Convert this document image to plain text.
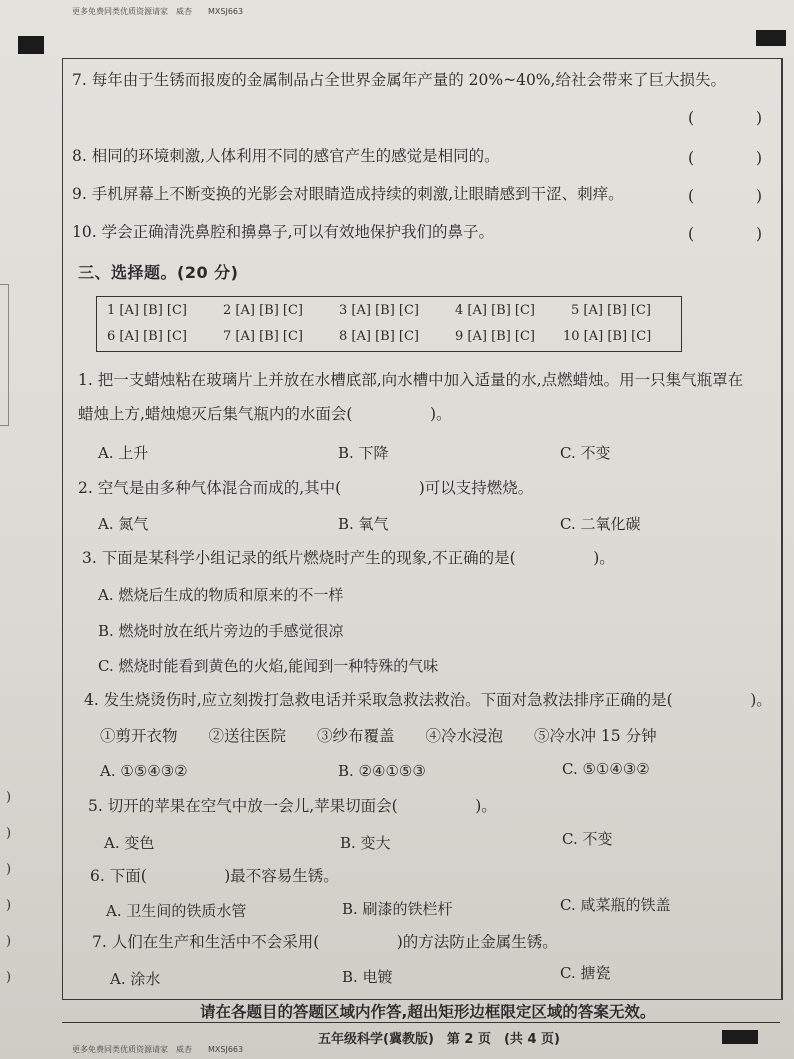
更多免费同类优质资源请家　威杏　　MXSJ663
更多免费同类优质资源请家　威杏　　MXSJ663
)
)
)
)
)
)
7. 每年由于生锈而报废的金属制品占全世界金属年产量的 20%~40%,给社会带来了巨大损失。
(　　　　)
8. 相同的环境刺激,人体利用不同的感官产生的感觉是相同的。	(　　　　)
9. 手机屏幕上不断变换的光影会对眼睛造成持续的刺激,让眼睛感到干涩、刺痒。	(　　　　)
10. 学会正确清洗鼻腔和擤鼻子,可以有效地保护我们的鼻子。	(　　　　)
三、选择题。(20 分)
1 [A] [B] [C]	2 [A] [B] [C]	3 [A] [B] [C]	4 [A] [B] [C]	5 [A] [B] [C]
6 [A] [B] [C]	7 [A] [B] [C]	8 [A] [B] [C]	9 [A] [B] [C] 10 [A] [B] [C]
1. 把一支蜡烛粘在玻璃片上并放在水槽底部,向水槽中加入适量的水,点燃蜡烛。用一只集气瓶罩在
蜡烛上方,蜡烛熄灭后集气瓶内的水面会(　　　　　)。
A. 上升	B. 下降	C. 不变
2. 空气是由多种气体混合而成的,其中(　　　　　)可以支持燃烧。
A. 氮气	B. 氧气	C. 二氧化碳
3. 下面是某科学小组记录的纸片燃烧时产生的现象,不正确的是(　　　　　)。
A. 燃烧后生成的物质和原来的不一样
B. 燃烧时放在纸片旁边的手感觉很凉
C. 燃烧时能看到黄色的火焰,能闻到一种特殊的气味
4. 发生烧烫伤时,应立刻拨打急救电话并采取急救法救治。下面对急救法排序正确的是(　　　　　)。
①剪开衣物　　②送往医院　　③纱布覆盖　　④冷水浸泡　　⑤冷水冲 15 分钟
A. ①⑤④③②	B. ②④①⑤③	C. ⑤①④③②
5. 切开的苹果在空气中放一会儿,苹果切面会(　　　　　)。
A. 变色	B. 变大	C. 不变
6. 下面(　　　　　)最不容易生锈。
A. 卫生间的铁质水管	B. 刷漆的铁栏杆	C. 咸菜瓶的铁盖
7. 人们在生产和生活中不会采用(　　　　　)的方法防止金属生锈。
A. 涂水	B. 电镀	C. 搪瓷
请在各题目的答题区域内作答,超出矩形边框限定区域的答案无效。
五年级科学(冀教版)　第 2 页　(共 4 页)
